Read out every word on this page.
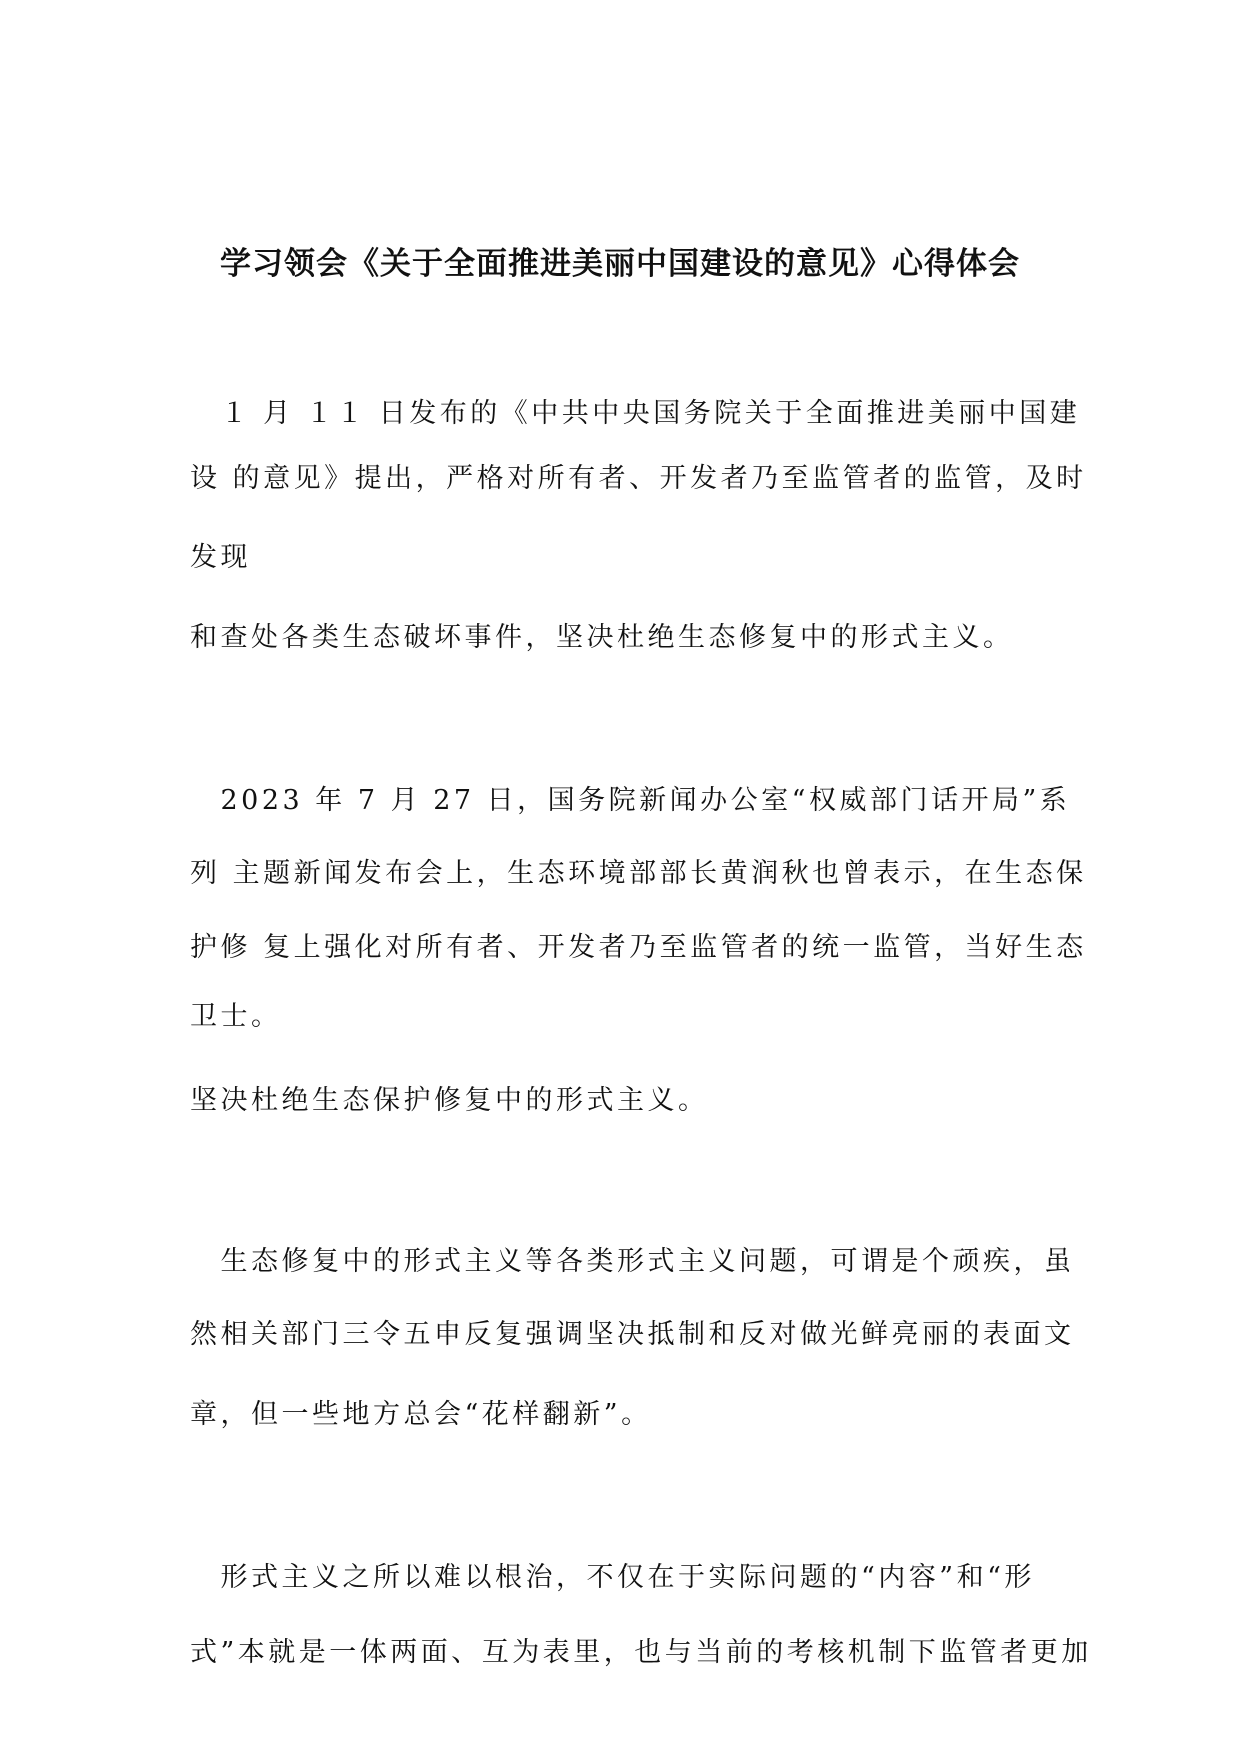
学习领会《关于全面推进美丽中国建设的意见》心得体会

　１ 月 １１ 日发布的《中共中央国务院关于全面推进美丽中国建

设 的意见》提出，严格对所有者、开发者乃至监管者的监管，及时

发现

和查处各类生态破坏事件，坚决杜绝生态修复中的形式主义。

　2023 年 7 月 27 日，国务院新闻办公室“权威部门话开局”系

列 主题新闻发布会上，生态环境部部长黄润秋也曾表示，在生态保

护修 复上强化对所有者、开发者乃至监管者的统一监管，当好生态

卫士。

坚决杜绝生态保护修复中的形式主义。

　生态修复中的形式主义等各类形式主义问题，可谓是个顽疾，虽

然相关部门三令五申反复强调坚决抵制和反对做光鲜亮丽的表面文

章，但一些地方总会“花样翻新”。

　形式主义之所以难以根治，不仅在于实际问题的“内容”和“形

式”本就是一体两面、互为表里，也与当前的考核机制下监管者更加
